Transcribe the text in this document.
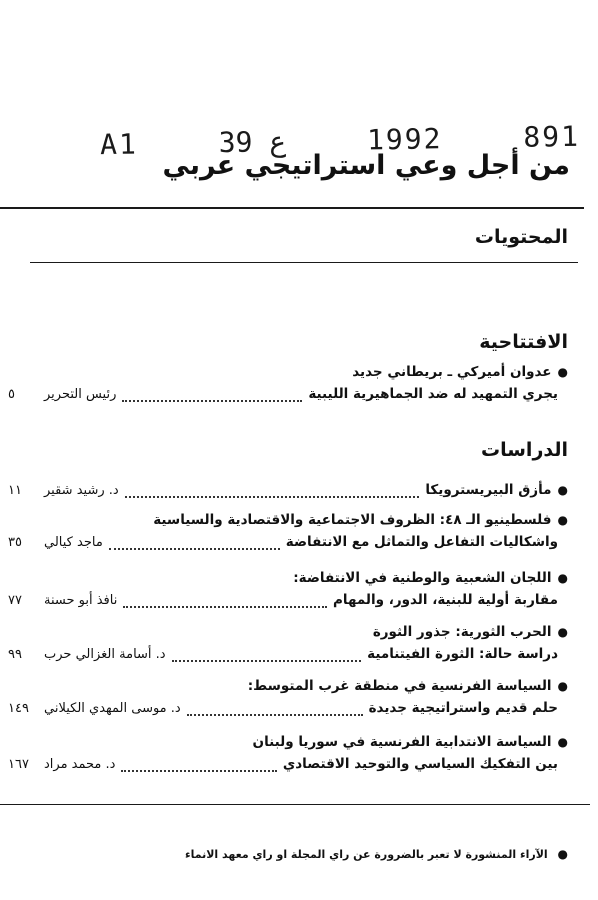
A1	39 ع	1992	891
من أجل وعي استراتيجي عربي
المحتويات
الافتتاحية
●
عدوان أميركي ـ بريطاني جديد
يجري التمهيد له ضد الجماهيرية الليبية
رئيس التحرير
٥
الدراسات
●
مأزق البيريسترويكا
د. رشيد شقير
١١
●
فلسطينيو الـ ٤٨: الظروف الاجتماعية والاقتصادية والسياسية
واشكاليات التفاعل والتماثل مع الانتفاضة
ماجد كيالي
٣٥
●
اللجان الشعبية والوطنية في الانتفاضة:
مقاربة أولية للبنية، الدور، والمهام
نافذ أبو حسنة
٧٧
●
الحرب الثورية: جذور الثورة
دراسة حالة: الثورة الفيتنامية
د. أسامة الغزالي حرب
٩٩
●
السياسة الفرنسية في منطقة غرب المتوسط:
حلم قديم واستراتيجية جديدة
د. موسى المهدي الكيلاني
١٤٩
●
السياسة الانتدابية الفرنسية في سوريا ولبنان
بين التفكيك السياسي والتوحيد الاقتصادي
د. محمد مراد
١٦٧
● الآراء المنشورة لا تعبر بالضرورة عن راي المجلة او راي معهد الانماء
